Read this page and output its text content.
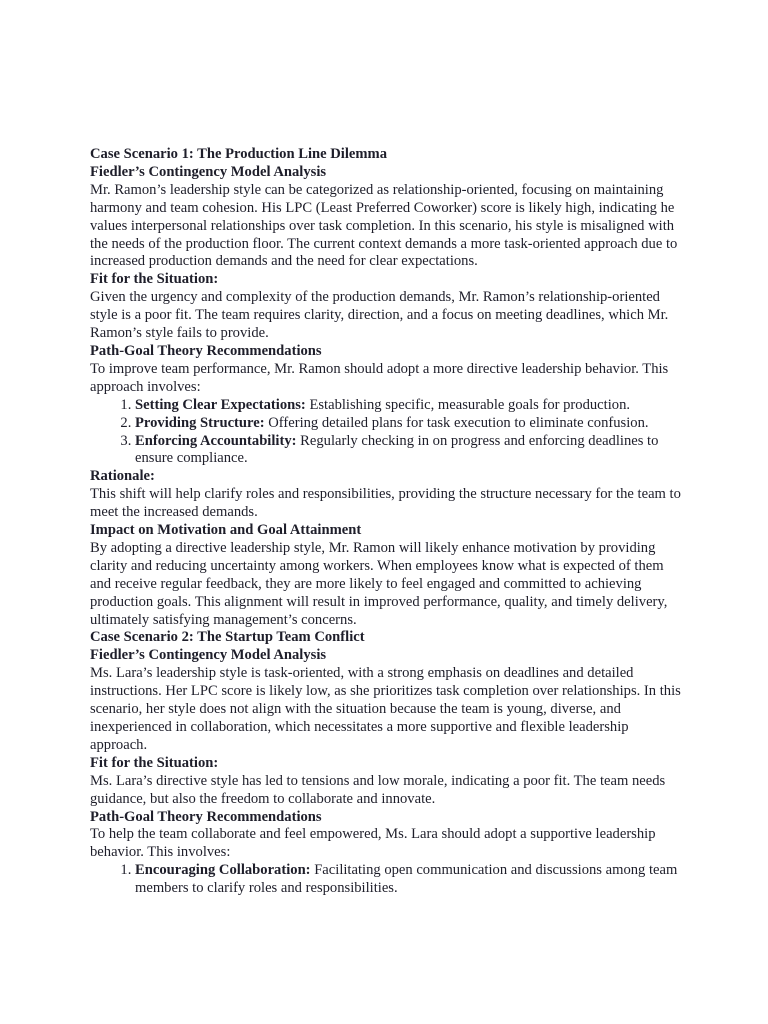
Case Scenario 1: The Production Line Dilemma

Fiedler’s Contingency Model Analysis

Mr. Ramon’s leadership style can be categorized as relationship-oriented, focusing on maintaining harmony and team cohesion. His LPC (Least Preferred Coworker) score is likely high, indicating he values interpersonal relationships over task completion. In this scenario, his style is misaligned with the needs of the production floor. The current context demands a more task-oriented approach due to increased production demands and the need for clear expectations.

Fit for the Situation:

Given the urgency and complexity of the production demands, Mr. Ramon’s relationship-oriented style is a poor fit. The team requires clarity, direction, and a focus on meeting deadlines, which Mr. Ramon’s style fails to provide.

Path-Goal Theory Recommendations

To improve team performance, Mr. Ramon should adopt a more directive leadership behavior. This approach involves:

1. Setting Clear Expectations: Establishing specific, measurable goals for production.
2. Providing Structure: Offering detailed plans for task execution to eliminate confusion.
3. Enforcing Accountability: Regularly checking in on progress and enforcing deadlines to ensure compliance.

Rationale:

This shift will help clarify roles and responsibilities, providing the structure necessary for the team to meet the increased demands.

Impact on Motivation and Goal Attainment

By adopting a directive leadership style, Mr. Ramon will likely enhance motivation by providing clarity and reducing uncertainty among workers. When employees know what is expected of them and receive regular feedback, they are more likely to feel engaged and committed to achieving production goals. This alignment will result in improved performance, quality, and timely delivery, ultimately satisfying management’s concerns.

Case Scenario 2: The Startup Team Conflict

Fiedler’s Contingency Model Analysis

Ms. Lara’s leadership style is task-oriented, with a strong emphasis on deadlines and detailed instructions. Her LPC score is likely low, as she prioritizes task completion over relationships. In this scenario, her style does not align with the situation because the team is young, diverse, and inexperienced in collaboration, which necessitates a more supportive and flexible leadership approach.

Fit for the Situation:

Ms. Lara’s directive style has led to tensions and low morale, indicating a poor fit. The team needs guidance, but also the freedom to collaborate and innovate.

Path-Goal Theory Recommendations

To help the team collaborate and feel empowered, Ms. Lara should adopt a supportive leadership behavior. This involves:

1. Encouraging Collaboration: Facilitating open communication and discussions among team members to clarify roles and responsibilities.
